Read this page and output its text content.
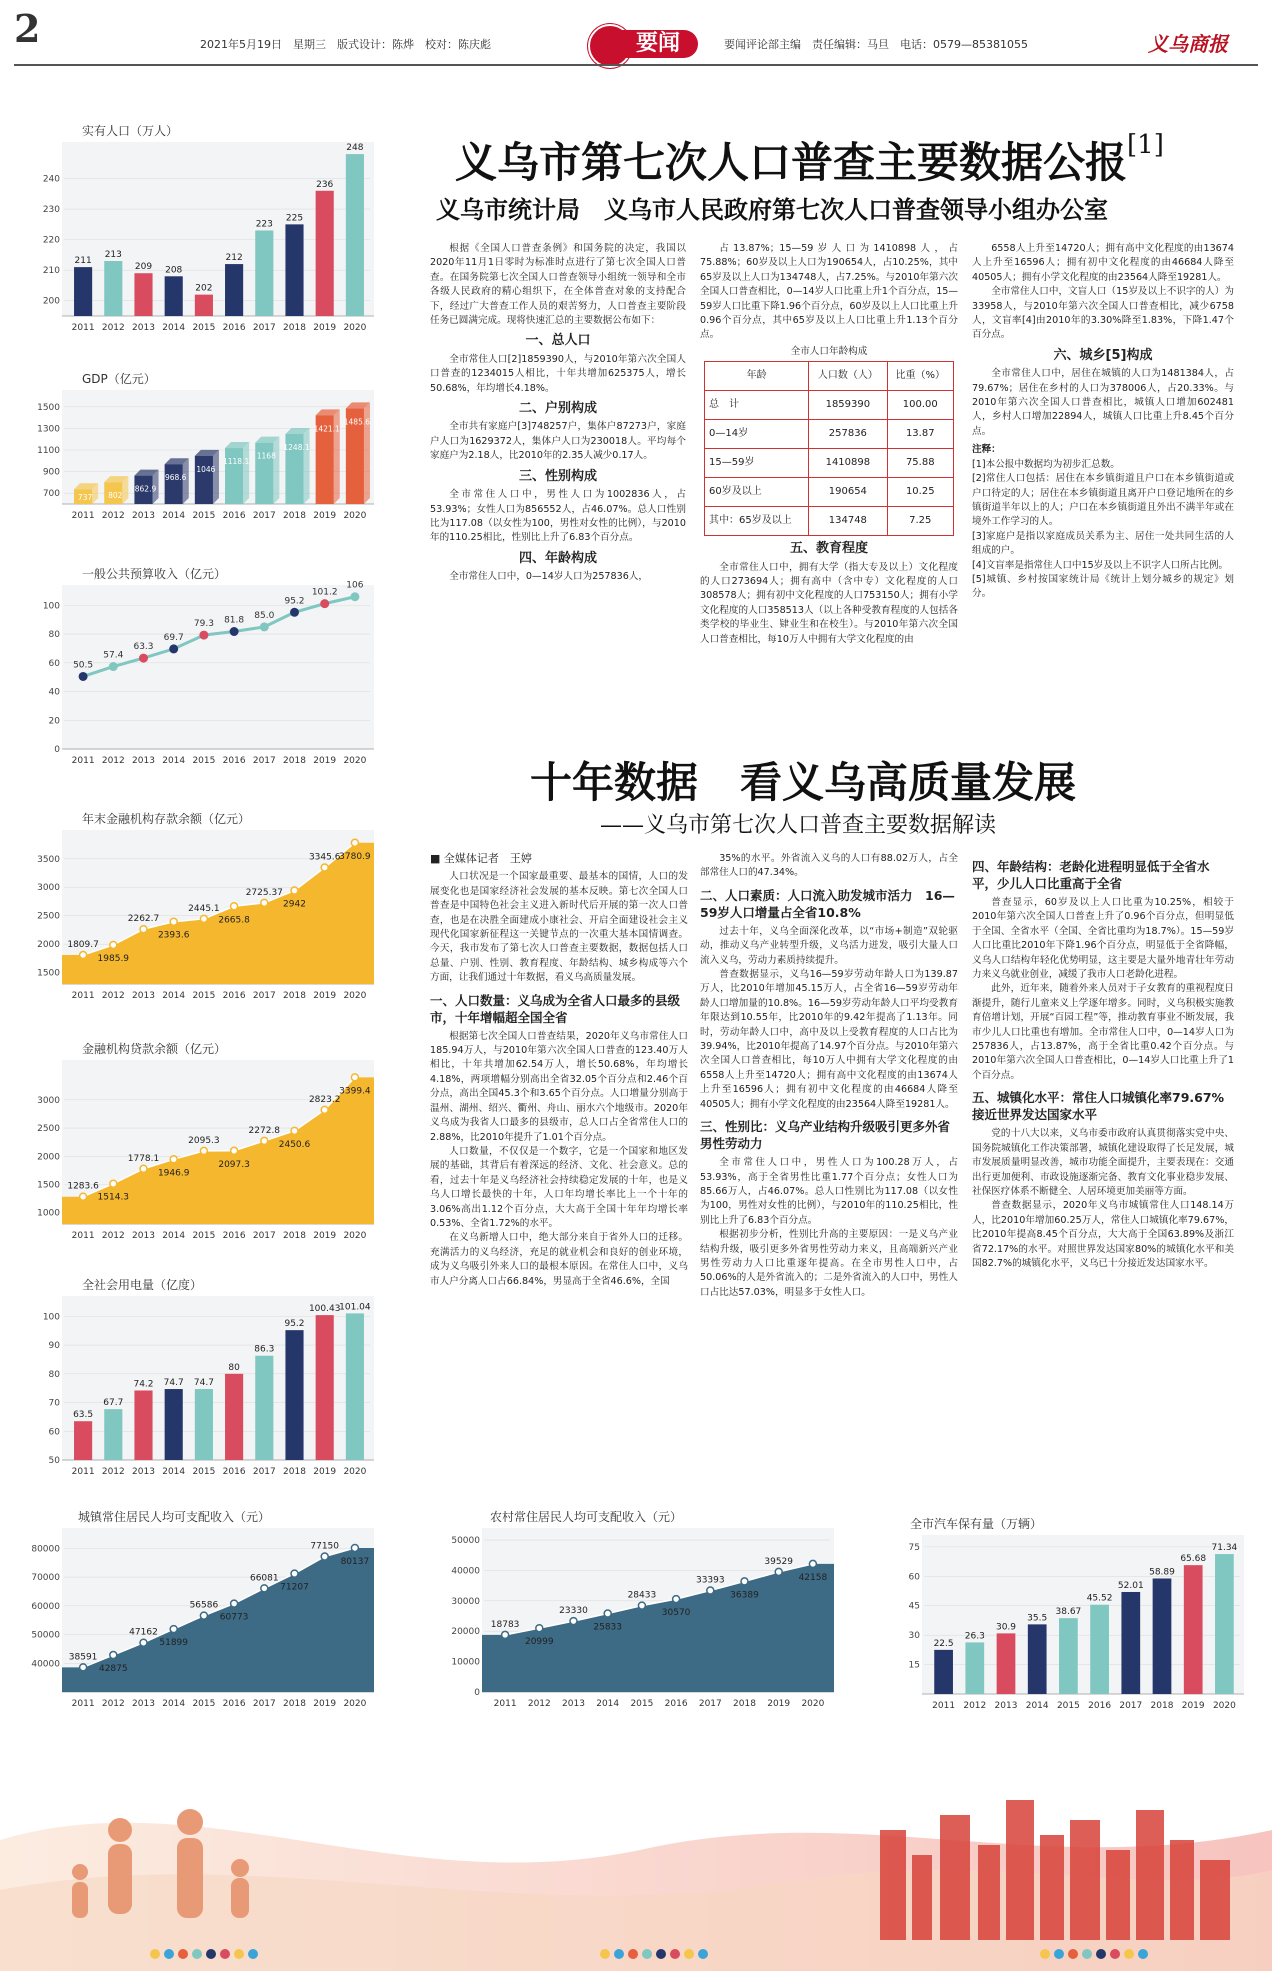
2	2021年5月19日　星期三　版式设计：陈烨　校对：陈庆彪	要闻	要闻评论部主编　责任编辑：马旦　电话：0579—85381055	义乌商报
实有人口（万人）
240
230
220
210
200
2011 2012 2013 2014 2015 2016 2017 2018 2019 2020
211
213
209 208
202
212
223
225
236
248
GDP（亿元）
1500
1300
1100
900
700
2011 2012 2013 2014 2015 2016 2017 2018 2019 2020
737 802
862.9
968.6
1046
1118.1
1168
1248.1
1421.1
1485.6
一般公共预算收入（亿元）
100
80
60
40
20
0
2011 2012 2013 2014 2015 2016 2017 2018 2019 2020
50.5
57.4
63.3
69.7
79.3 81.8 85.0
95.2
101.2
106
年末金融机构存款余额（亿元）
3500
3000
2500
2000
1500
2011 2012 2013 2014 2015 2016 2017 2018 2019 2020
1809.7
1985.9
2262.7
2393.6
2445.1
2665.8
2725.37
2942
3345.6
3780.9
金融机构贷款余额（亿元）
3000
2500
2000
1500
1000
2011 2012 2013 2014 2015 2016 2017 2018 2019 2020
1283.6
1514.3
1778.1
1946.9
2095.3
2097.3
2272.8
2450.6
2823.2
3399.4
全社会用电量（亿度）
100
90
80
70
60
50
2011 2012 2013 2014 2015 2016 2017 2018 2019 2020
63.5
67.7
74.2 74.7 74.7
80
86.3
95.2
100.43
101.04
城镇常住居民人均可支配收入（元）
80000
70000
60000
50000
40000
2011 2012 2013 2014 2015 2016 2017 2018 2019 2020
38591
42875
47162
51899
56586
60773
66081
71207
77150
80137
农村常住居民人均可支配收入（元）
50000
40000
30000
20000
10000
0
2011 2012 2013 2014 2015 2016 2017 2018 2019 2020
18783
20999
23330
25833
28433
30570
33393
36389
39529
42158
全市汽车保有量（万辆）
75
60
45
30
15
2011 2012 2013 2014 2015 2016 2017 2018 2019 2020
22.5
26.3
30.9
35.5
38.67
45.52
52.01
58.89
65.68
71.34
义乌市第七次人口普查主要数据公报[1]
义乌市统计局　义乌市人民政府第七次人口普查领导小组办公室

根据《全国人口普查条例》和国务院的决定，我国以2020年11月1日零时为标准时点进行了第七次全国人口普查。在国务院第七次全国人口普查领导小组统一领导和全市各级人民政府的精心组织下，在全体普查对象的支持配合下，经过广大普查工作人员的艰苦努力，人口普查主要阶段任务已圆满完成。现将快速汇总的主要数据公布如下：

一、总人口

全市常住人口[2]1859390人，与2010年第六次全国人口普查的1234015人相比，十年共增加625375人，增长50.68%，年均增长4.18%。

二、户别构成

全市共有家庭户[3]748257户，集体户87273户，家庭户人口为1629372人，集体户人口为230018人。平均每个家庭户为2.18人，比2010年的2.35人减少0.17人。

三、性别构成

全市常住人口中，男性人口为1002836人，占53.93%；女性人口为856552人，占46.07%。总人口性别比为117.08（以女性为100，男性对女性的比例），与2010年的110.25相比，性别比上升了6.83个百分点。

四、年龄构成

全市常住人口中，0—14岁人口为257836人，

占13.87%；15—59岁人口为1410898人，占75.88%；60岁及以上人口为190654人，占10.25%，其中65岁及以上人口为134748人，占7.25%。与2010年第六次全国人口普查相比，0—14岁人口比重上升1个百分点，15—59岁人口比重下降1.96个百分点，60岁及以上人口比重上升0.96个百分点，其中65岁及以上人口比重上升1.13个百分点。

全市人口年龄构成
年龄	人口数（人）	比重（%）
总　计	1859390	100.00
0—14岁	257836	13.87
15—59岁	1410898	75.88
60岁及以上	190654	10.25
其中：65岁及以上	134748	7.25
五、教育程度

全市常住人口中，拥有大学（指大专及以上）文化程度的人口273694人；拥有高中（含中专）文化程度的人口308578人；拥有初中文化程度的人口753150人；拥有小学文化程度的人口358513人（以上各种受教育程度的人包括各类学校的毕业生、肄业生和在校生）。与2010年第六次全国人口普查相比，每10万人中拥有大学文化程度的由

6558人上升至14720人；拥有高中文化程度的由13674人上升至16596人；拥有初中文化程度的由46684人降至40505人；拥有小学文化程度的由23564人降至19281人。

全市常住人口中，文盲人口（15岁及以上不识字的人）为33958人，与2010年第六次全国人口普查相比，减少6758人，文盲率[4]由2010年的3.30%降至1.83%，下降1.47个百分点。

六、城乡[5]构成

全市常住人口中，居住在城镇的人口为1481384人，占79.67%；居住在乡村的人口为378006人，占20.33%。与2010年第六次全国人口普查相比，城镇人口增加602481人，乡村人口增加22894人，城镇人口比重上升8.45个百分点。

注释：

[1]本公报中数据均为初步汇总数。

[2]常住人口包括：居住在本乡镇街道且户口在本乡镇街道或户口待定的人；居住在本乡镇街道且离开户口登记地所在的乡镇街道半年以上的人；户口在本乡镇街道且外出不满半年或在境外工作学习的人。

[3]家庭户是指以家庭成员关系为主、居住一处共同生活的人组成的户。

[4]文盲率是指常住人口中15岁及以上不识字人口所占比例。

[5]城镇、乡村按国家统计局《统计上划分城乡的规定》划分。

十年数据　看义乌高质量发展
——义乌市第七次人口普查主要数据解读
■ 全媒体记者　王婷

人口状况是一个国家最重要、最基本的国情，人口的发展变化也是国家经济社会发展的基本反映。第七次全国人口普查是中国特色社会主义进入新时代后开展的第一次人口普查，也是在决胜全面建成小康社会、开启全面建设社会主义现代化国家新征程这一关键节点的一次重大基本国情调查。今天，我市发布了第七次人口普查主要数据，数据包括人口总量、户别、性别、教育程度、年龄结构、城乡构成等六个方面，让我们通过十年数据，看义乌高质量发展。

一、人口数量：义乌成为全省人口最多的县级市，十年增幅超全国全省

根据第七次全国人口普查结果，2020年义乌市常住人口185.94万人，与2010年第六次全国人口普查的123.40万人相比，十年共增加62.54万人，增长50.68%，年均增长4.18%，两项增幅分别高出全省32.05个百分点和2.46个百分点，高出全国45.3个和3.65个百分点。人口增量分别高于温州、湖州、绍兴、衢州、舟山、丽水六个地级市。2020年义乌成为我省人口最多的县级市，总人口占全省常住人口的2.88%，比2010年提升了1.01个百分点。

人口数量，不仅仅是一个数字，它是一个国家和地区发展的基础，其背后有着深远的经济、文化、社会意义。总的看，过去十年是义乌经济社会持续稳定发展的十年，也是义乌人口增长最快的十年，人口年均增长率比上一个十年的3.06%高出1.12个百分点，大大高于全国十年年均增长率0.53%、全省1.72%的水平。

在义乌新增人口中，绝大部分来自于省外人口的迁移。充满活力的义乌经济，充足的就业机会和良好的创业环境，成为义乌吸引外来人口的最根本原因。在常住人口中，义乌市人户分离人口占66.84%，男显高于全省46.6%，全国

35%的水平。外省流入义乌的人口有88.02万人，占全部常住人口的47.34%。

二、人口素质：人口流入助发城市活力　16—59岁人口增量占全省10.8%

过去十年，义乌全面深化改革，以“市场+制造”双轮驱动，推动义乌产业转型升级，义乌活力迸发，吸引大量人口流入义乌，劳动力素质持续提升。

普查数据显示，义乌16—59岁劳动年龄人口为139.87万人，比2010年增加45.15万人，占全省16—59岁劳动年龄人口增加量的10.8%。16—59岁劳动年龄人口平均受教育年限达到10.55年，比2010年的9.42年提高了1.13年。同时，劳动年龄人口中，高中及以上受教育程度的人口占比为39.94%，比2010年提高了14.97个百分点。与2010年第六次全国人口普查相比，每10万人中拥有大学文化程度的由6558人上升至14720人；拥有高中文化程度的由13674人上升至16596人；拥有初中文化程度的由46684人降至40505人；拥有小学文化程度的由23564人降至19281人。

三、性别比：义乌产业结构升级吸引更多外省男性劳动力

全市常住人口中，男性人口为100.28万人，占53.93%，高于全省男性比重1.77个百分点；女性人口为85.66万人，占46.07%。总人口性别比为117.08（以女性为100，男性对女性的比例），与2010年的110.25相比，性别比上升了6.83个百分点。

根据初步分析，性别比升高的主要原因：一是义乌产业结构升级，吸引更多外省男性劳动力来义，且高端新兴产业男性劳动力人口比重逐年提高。在全市男性人口中，占50.06%的人是外省流入的；二是外省流入的人口中，男性人口占比达57.03%，明显多于女性人口。

四、年龄结构：老龄化进程明显低于全省水平，少儿人口比重高于全省

普查显示，60岁及以上人口比重为10.25%，相较于2010年第六次全国人口普查上升了0.96个百分点，但明显低于全国、全省水平（全国、全省比重均为18.7%）。15—59岁人口比重比2010年下降1.96个百分点，明显低于全省降幅，义乌人口结构年轻化优势明显，这主要是大量外地青壮年劳动力来义乌就业创业，减缓了我市人口老龄化进程。

此外，近年来，随着外来人员对于子女教育的重视程度日渐提升，随行儿童来义上学逐年增多。同时，义乌积极实施教育倍增计划，开展“百园工程”等，推动教育事业不断发展，我市少儿人口比重也有增加。全市常住人口中，0—14岁人口为257836人，占13.87%，高于全省比重0.42个百分点。与2010年第六次全国人口普查相比，0—14岁人口比重上升了1个百分点。

五、城镇化水平：常住人口城镇化率79.67%　接近世界发达国家水平

党的十八大以来，义乌市委市政府认真贯彻落实党中央、国务院城镇化工作决策部署，城镇化建设取得了长足发展，城市发展质量明显改善，城市功能全面提升，主要表现在：交通出行更加便利、市政设施逐渐完备、教育文化事业稳步发展、社保医疗体系不断健全、人居环境更加美丽等方面。

普查数据显示，2020年义乌市城镇常住人口148.14万人，比2010年增加60.25万人，常住人口城镇化率79.67%，比2010年提高8.45个百分点，大大高于全国63.89%及浙江省72.17%的水平。对照世界发达国家80%的城镇化水平和美国82.7%的城镇化水平，义乌已十分接近发达国家水平。
